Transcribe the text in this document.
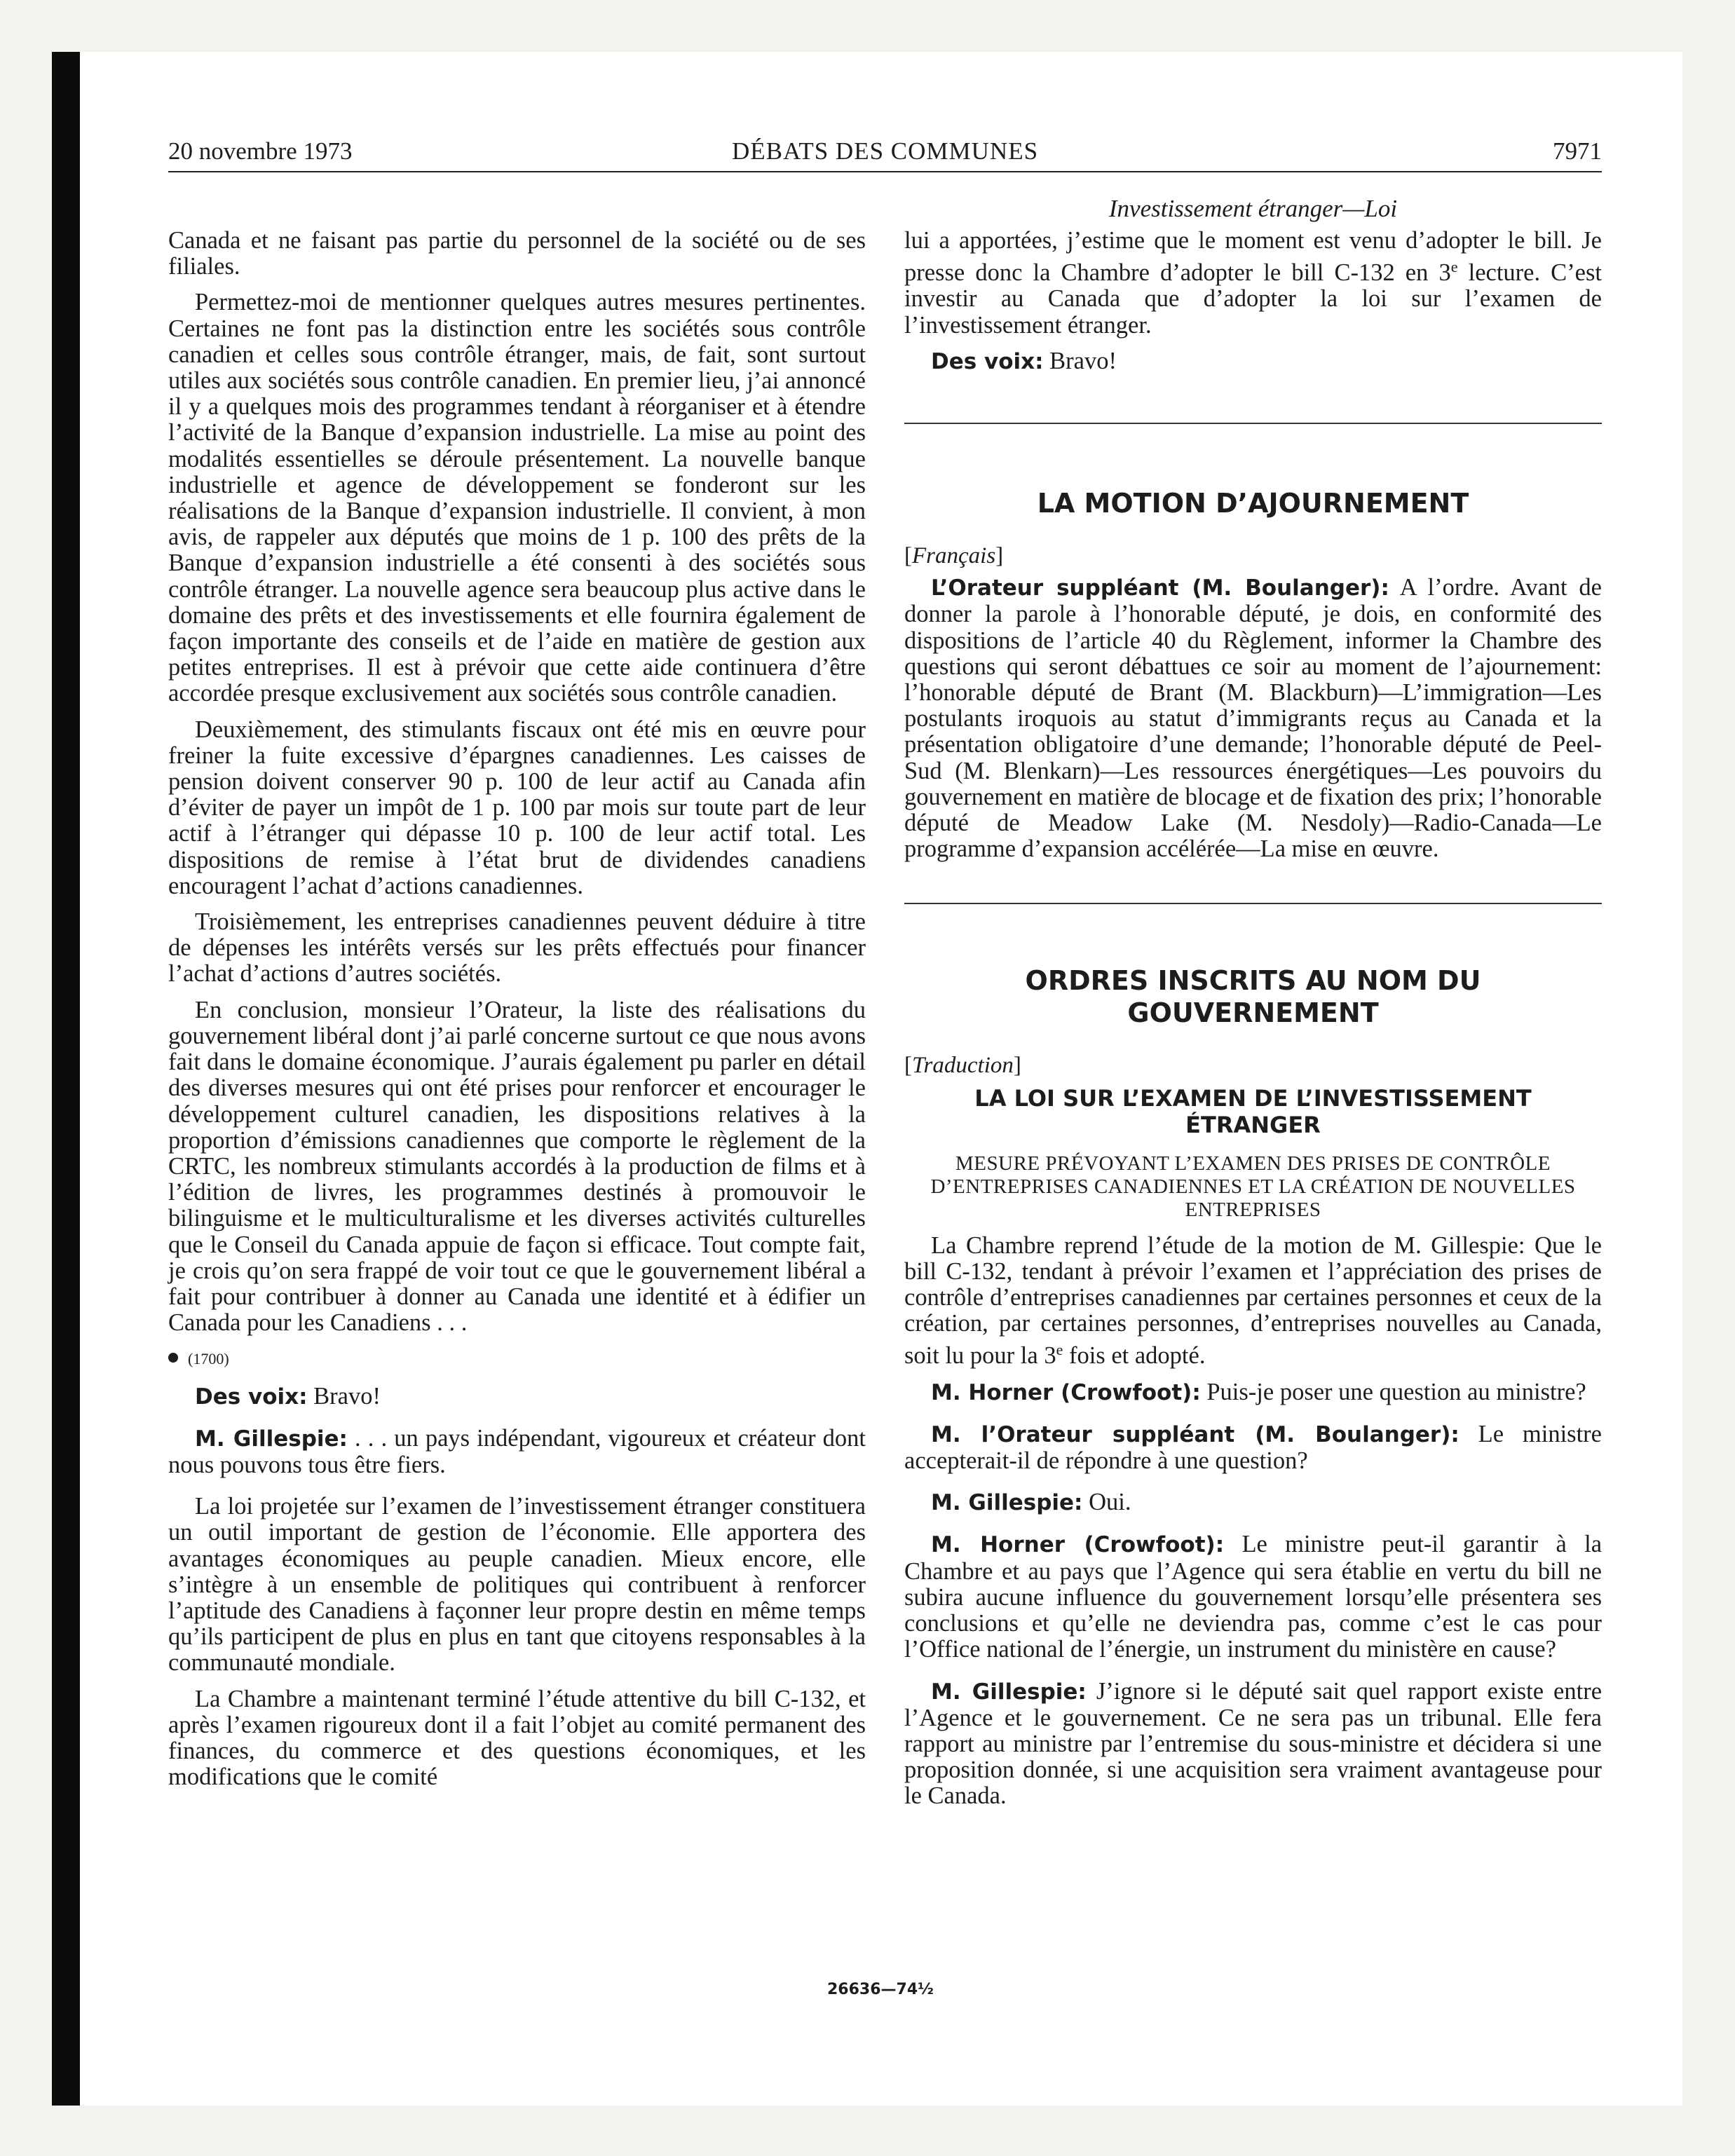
20 novembre 1973	DÉBATS DES COMMUNES	7971
Investissement étranger—Loi

Canada et ne faisant pas partie du personnel de la société ou de ses filiales.

Permettez-moi de mentionner quelques autres mesures pertinentes. Certaines ne font pas la distinction entre les sociétés sous contrôle canadien et celles sous contrôle étranger, mais, de fait, sont surtout utiles aux sociétés sous contrôle canadien. En premier lieu, j’ai annoncé il y a quelques mois des programmes tendant à réorganiser et à étendre l’activité de la Banque d’expansion industrielle. La mise au point des modalités essentielles se déroule présentement. La nouvelle banque industrielle et agence de développement se fonderont sur les réalisations de la Banque d’expansion industrielle. Il convient, à mon avis, de rappeler aux députés que moins de 1 p. 100 des prêts de la Banque d’expansion industrielle a été consenti à des sociétés sous contrôle étranger. La nouvelle agence sera beaucoup plus active dans le domaine des prêts et des investissements et elle fournira également de façon importante des conseils et de l’aide en matière de gestion aux petites entreprises. Il est à prévoir que cette aide continuera d’être accordée presque exclusivement aux sociétés sous contrôle canadien.

Deuxièmement, des stimulants fiscaux ont été mis en œuvre pour freiner la fuite excessive d’épargnes canadiennes. Les caisses de pension doivent conserver 90 p. 100 de leur actif au Canada afin d’éviter de payer un impôt de 1 p. 100 par mois sur toute part de leur actif à l’étranger qui dépasse 10 p. 100 de leur actif total. Les dispositions de remise à l’état brut de dividendes canadiens encouragent l’achat d’actions canadiennes.

Troisièmement, les entreprises canadiennes peuvent déduire à titre de dépenses les intérêts versés sur les prêts effectués pour financer l’achat d’actions d’autres sociétés.

En conclusion, monsieur l’Orateur, la liste des réalisations du gouvernement libéral dont j’ai parlé concerne surtout ce que nous avons fait dans le domaine économique. J’aurais également pu parler en détail des diverses mesures qui ont été prises pour renforcer et encourager le développement culturel canadien, les dispositions relatives à la proportion d’émissions canadiennes que comporte le règlement de la CRTC, les nombreux stimulants accordés à la production de films et à l’édition de livres, les programmes destinés à promouvoir le bilinguisme et le multiculturalisme et les diverses activités culturelles que le Conseil du Canada appuie de façon si efficace. Tout compte fait, je crois qu’on sera frappé de voir tout ce que le gouvernement libéral a fait pour contribuer à donner au Canada une identité et à édifier un Canada pour les Canadiens . . .

(1700)

Des voix: Bravo!

M. Gillespie: . . . un pays indépendant, vigoureux et créateur dont nous pouvons tous être fiers.

La loi projetée sur l’examen de l’investissement étranger constituera un outil important de gestion de l’économie. Elle apportera des avantages économiques au peuple canadien. Mieux encore, elle s’intègre à un ensemble de politiques qui contribuent à renforcer l’aptitude des Canadiens à façonner leur propre destin en même temps qu’ils participent de plus en plus en tant que citoyens responsables à la communauté mondiale.

La Chambre a maintenant terminé l’étude attentive du bill C-132, et après l’examen rigoureux dont il a fait l’objet au comité permanent des finances, du commerce et des questions économiques, et les modifications que le comité

lui a apportées, j’estime que le moment est venu d’adopter le bill. Je presse donc la Chambre d’adopter le bill C-132 en 3e lecture. C’est investir au Canada que d’adopter la loi sur l’examen de l’investissement étranger.

Des voix: Bravo!

LA MOTION D’AJOURNEMENT
[Français]

L’Orateur suppléant (M. Boulanger): A l’ordre. Avant de donner la parole à l’honorable député, je dois, en conformité des dispositions de l’article 40 du Règlement, informer la Chambre des questions qui seront débattues ce soir au moment de l’ajournement: l’honorable député de Brant (M. Blackburn)—L’immigration—Les postulants iroquois au statut d’immigrants reçus au Canada et la présentation obligatoire d’une demande; l’honorable député de Peel-Sud (M. Blenkarn)—Les ressources énergétiques—Les pouvoirs du gouvernement en matière de blocage et de fixation des prix; l’honorable député de Meadow Lake (M. Nesdoly)—Radio-Canada—Le programme d’expansion accélérée—La mise en œuvre.

ORDRES INSCRITS AU NOM DU GOUVERNEMENT
[Traduction]
LA LOI SUR L’EXAMEN DE L’INVESTISSEMENT ÉTRANGER
MESURE PRÉVOYANT L’EXAMEN DES PRISES DE CONTRÔLE D’ENTREPRISES CANADIENNES ET LA CRÉATION DE NOUVELLES ENTREPRISES

La Chambre reprend l’étude de la motion de M. Gillespie: Que le bill C-132, tendant à prévoir l’examen et l’appréciation des prises de contrôle d’entreprises canadiennes par certaines personnes et ceux de la création, par certaines personnes, d’entreprises nouvelles au Canada, soit lu pour la 3e fois et adopté.

M. Horner (Crowfoot): Puis-je poser une question au ministre?

M. l’Orateur suppléant (M. Boulanger): Le ministre accepterait-il de répondre à une question?

M. Gillespie: Oui.

M. Horner (Crowfoot): Le ministre peut-il garantir à la Chambre et au pays que l’Agence qui sera établie en vertu du bill ne subira aucune influence du gouvernement lorsqu’elle présentera ses conclusions et qu’elle ne deviendra pas, comme c’est le cas pour l’Office national de l’énergie, un instrument du ministère en cause?

M. Gillespie: J’ignore si le député sait quel rapport existe entre l’Agence et le gouvernement. Ce ne sera pas un tribunal. Elle fera rapport au ministre par l’entremise du sous-ministre et décidera si une proposition donnée, si une acquisition sera vraiment avantageuse pour le Canada.

26636—74½
